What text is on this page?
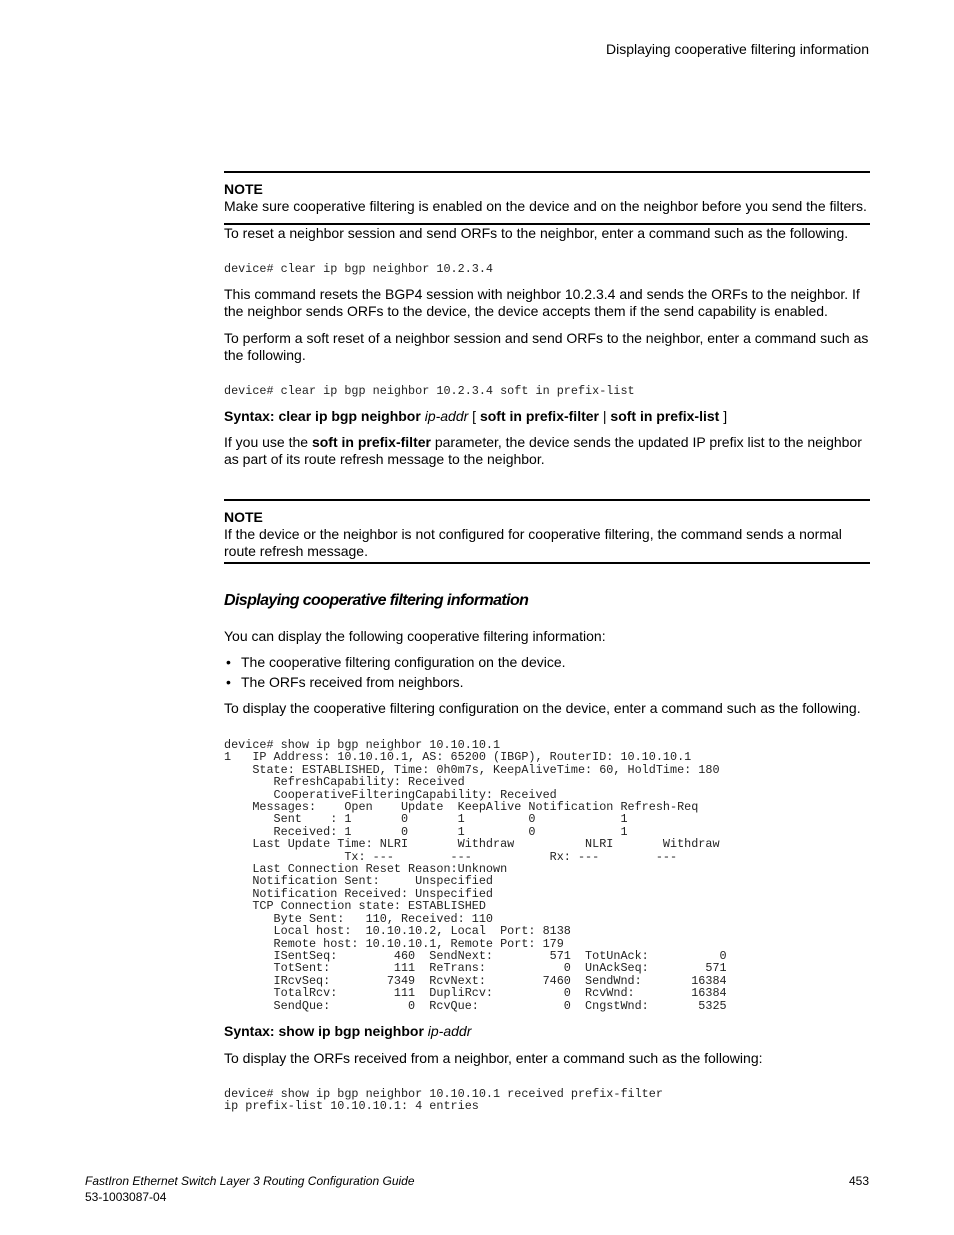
Displaying cooperative filtering information
NOTE
Make sure cooperative filtering is enabled on the device and on the neighbor before you send the filters.
To reset a neighbor session and send ORFs to the neighbor, enter a command such as the following.
device# clear ip bgp neighbor 10.2.3.4
This command resets the BGP4 session with neighbor 10.2.3.4 and sends the ORFs to the neighbor. If the neighbor sends ORFs to the device, the device accepts them if the send capability is enabled.
To perform a soft reset of a neighbor session and send ORFs to the neighbor, enter a command such as the following.
device# clear ip bgp neighbor 10.2.3.4 soft in prefix-list
Syntax: clear ip bgp neighbor ip-addr [ soft in prefix-filter | soft in prefix-list ]
If you use the soft in prefix-filter parameter, the device sends the updated IP prefix list to the neighbor as part of its route refresh message to the neighbor.
NOTE
If the device or the neighbor is not configured for cooperative filtering, the command sends a normal route refresh message.
Displaying cooperative filtering information
You can display the following cooperative filtering information:
• The cooperative filtering configuration on the device.
• The ORFs received from neighbors.
To display the cooperative filtering configuration on the device, enter a command such as the following.
device# show ip bgp neighbor 10.10.10.1
1   IP Address: 10.10.10.1, AS: 65200 (IBGP), RouterID: 10.10.10.1
State: ESTABLISHED, Time: 0h0m7s, KeepAliveTime: 60, HoldTime: 180
RefreshCapability: Received
CooperativeFilteringCapability: Received
Messages:    Open    Update  KeepAlive Notification Refresh-Req
Sent    : 1       0       1         0            1
Received: 1       0       1         0            1
Last Update Time: NLRI       Withdraw          NLRI       Withdraw
Tx: ---        ---           Rx: ---        ---
Last Connection Reset Reason:Unknown
Notification Sent:     Unspecified
Notification Received: Unspecified
TCP Connection state: ESTABLISHED
Byte Sent:   110, Received: 110
Local host:  10.10.10.2, Local  Port: 8138
Remote host: 10.10.10.1, Remote Port: 179
ISentSeq:        460  SendNext:        571  TotUnAck:          0
TotSent:         111  ReTrans:           0  UnAckSeq:        571
IRcvSeq:        7349  RcvNext:        7460  SendWnd:       16384
TotalRcv:        111  DupliRcv:          0  RcvWnd:        16384
SendQue:           0  RcvQue:            0  CngstWnd:       5325
Syntax: show ip bgp neighbor ip-addr
To display the ORFs received from a neighbor, enter a command such as the following:
device# show ip bgp neighbor 10.10.10.1 received prefix-filter
ip prefix-list 10.10.10.1: 4 entries
FastIron Ethernet Switch Layer 3 Routing Configuration Guide
53-1003087-04
453
